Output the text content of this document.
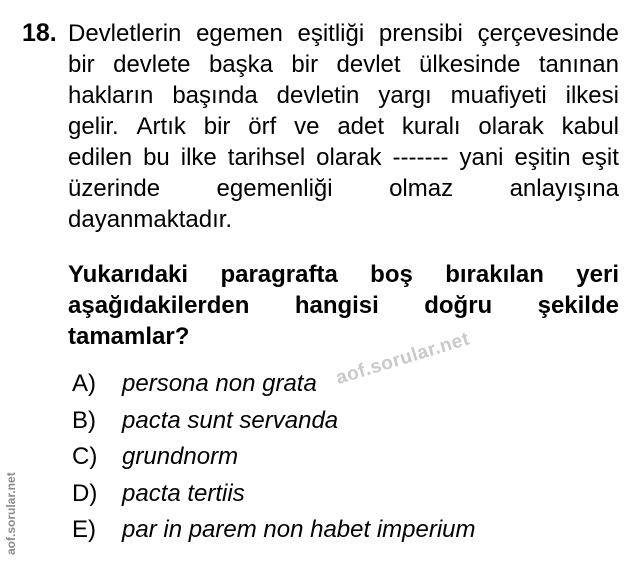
18. Devletlerin egemen eşitliği prensibi çerçevesinde
bir devlete başka bir devlet ülkesinde tanınan
hakların başında devletin yargı muafiyeti ilkesi
gelir. Artık bir örf ve adet kuralı olarak kabul
edilen bu ilke tarihsel olarak ------- yani eşitin eşit
üzerinde egemenliği olmaz anlayışına
dayanmaktadır.
Yukarıdaki paragrafta boş bırakılan yeri
aşağıdakilerden hangisi doğru şekilde
tamamlar?
A) persona non grata
B) pacta sunt servanda
C) grundnorm
D) pacta tertiis
E) par in parem non habet imperium
aof.sorular.net
aof.sorular.net
